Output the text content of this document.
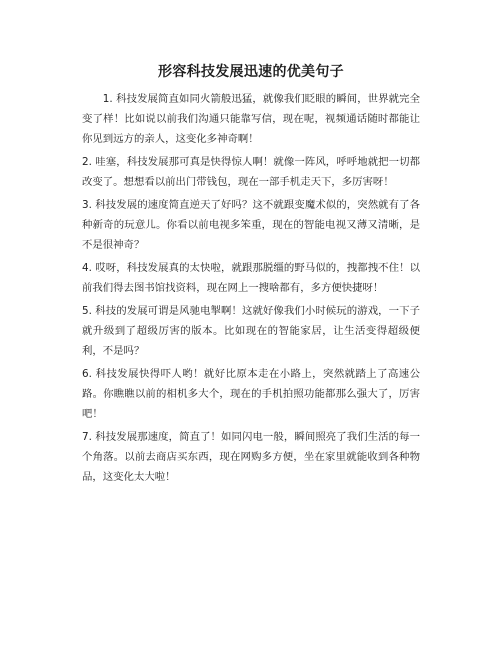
形容科技发展迅速的优美句子

1. 科技发展简直如同火箭般迅猛，就像我们眨眼的瞬间，世界就完全变了样！比如说以前我们沟通只能靠写信，现在呢，视频通话随时都能让你见到远方的亲人，这变化多神奇啊！

2. 哇塞，科技发展那可真是快得惊人啊！就像一阵风，呼呼地就把一切都改变了。想想看以前出门带钱包，现在一部手机走天下，多厉害呀！

3. 科技发展的速度简直逆天了好吗？这不就跟变魔术似的，突然就有了各种新奇的玩意儿。你看以前电视多笨重，现在的智能电视又薄又清晰，是不是很神奇？

4. 哎呀，科技发展真的太快啦，就跟那脱缰的野马似的，拽都拽不住！以前我们得去图书馆找资料，现在网上一搜啥都有，多方便快捷呀！

5. 科技的发展可谓是风驰电掣啊！这就好像我们小时候玩的游戏，一下子就升级到了超级厉害的版本。比如现在的智能家居，让生活变得超级便利，不是吗？

6. 科技发展快得吓人哟！就好比原本走在小路上，突然就踏上了高速公路。你瞧瞧以前的相机多大个，现在的手机拍照功能都那么强大了，厉害吧！

7. 科技发展那速度，简直了！如同闪电一般，瞬间照亮了我们生活的每一个角落。以前去商店买东西，现在网购多方便，坐在家里就能收到各种物品，这变化太大啦！
